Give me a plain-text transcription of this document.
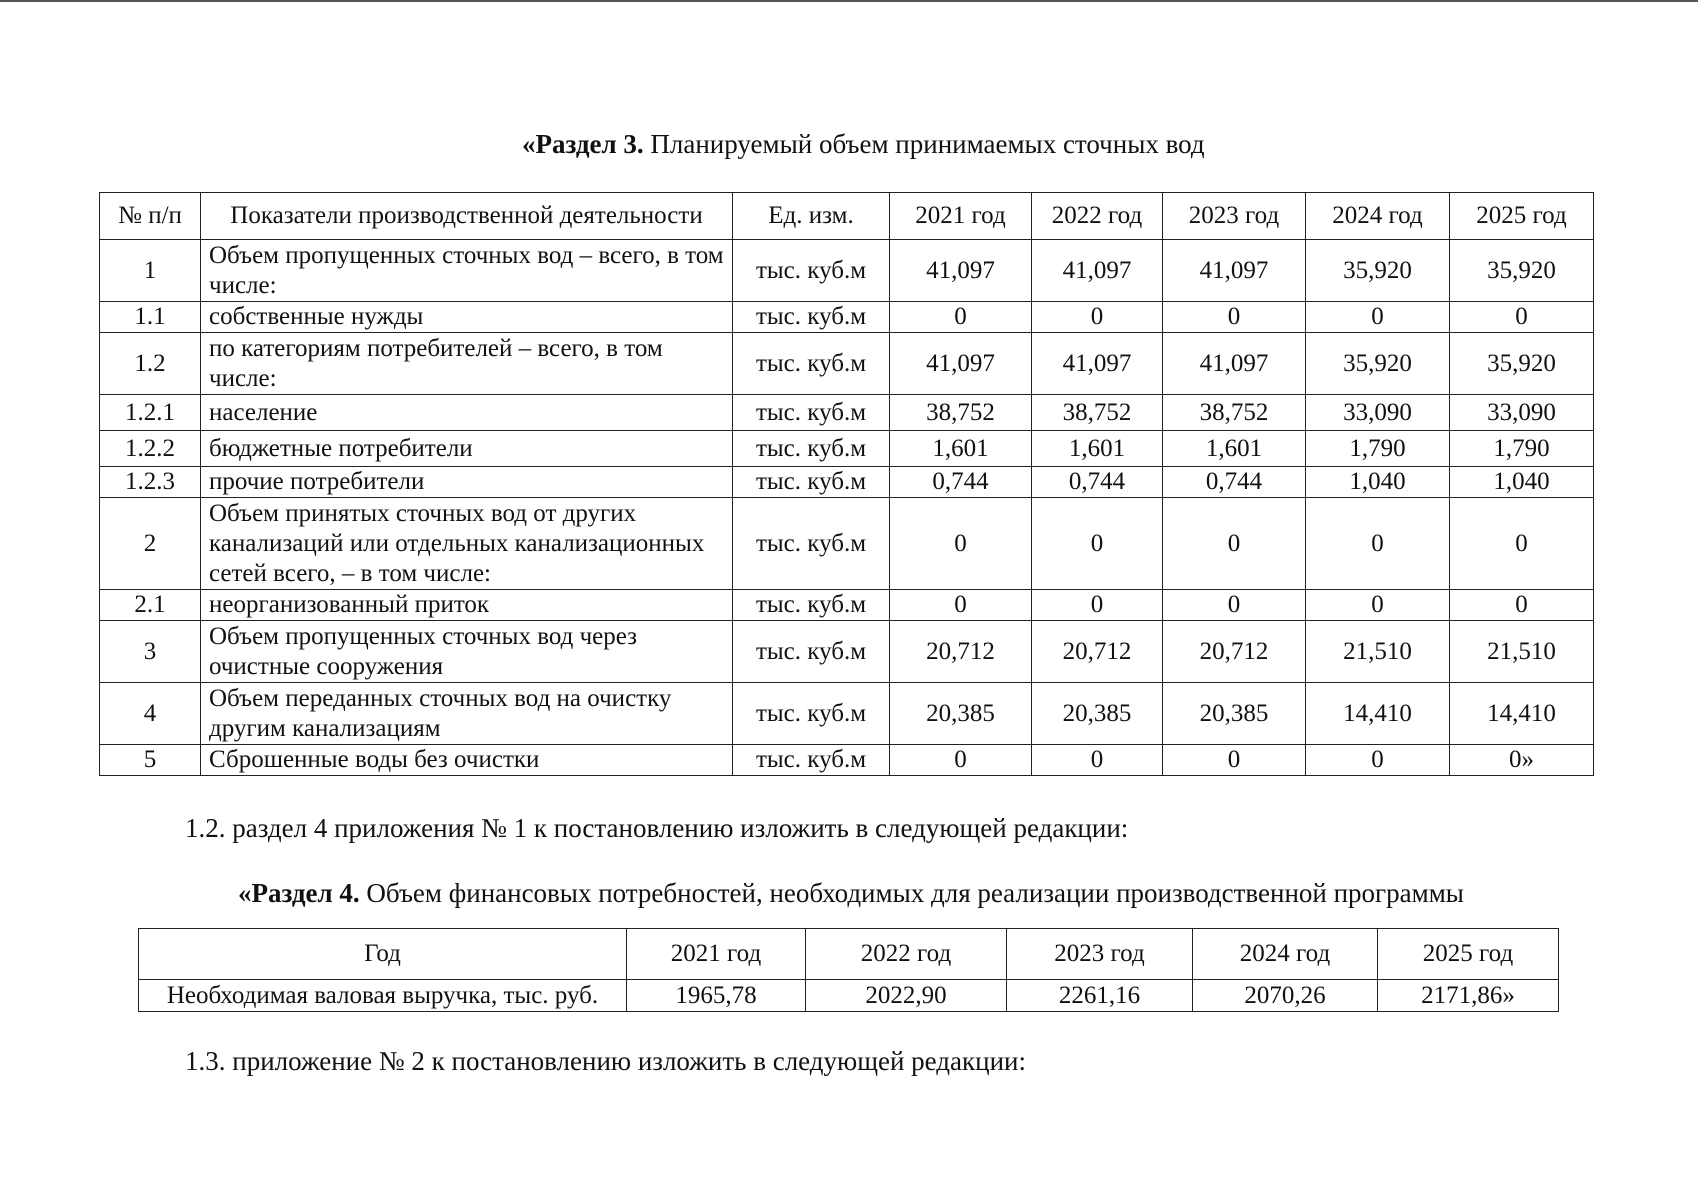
«Раздел 3. Планируемый объем принимаемых сточных вод
№ п/п	Показатели производственной деятельности	Ед. изм.	2021 год	2022 год	2023 год	2024 год	2025 год
1	Объем пропущенных сточных вод – всего, в том числе:	тыс. куб.м	41,097	41,097	41,097	35,920	35,920
1.1	собственные нужды	тыс. куб.м	0	0	0	0	0
1.2	по категориям потребителей – всего, в том числе:	тыс. куб.м	41,097	41,097	41,097	35,920	35,920
1.2.1	население	тыс. куб.м	38,752	38,752	38,752	33,090	33,090
1.2.2	бюджетные потребители	тыс. куб.м	1,601	1,601	1,601	1,790	1,790
1.2.3	прочие потребители	тыс. куб.м	0,744	0,744	0,744	1,040	1,040
2	Объем принятых сточных вод от других канализаций или отдельных канализационных сетей всего, – в том числе:	тыс. куб.м	0	0	0	0	0
2.1	неорганизованный приток	тыс. куб.м	0	0	0	0	0
3	Объем пропущенных сточных вод через очистные сооружения	тыс. куб.м	20,712	20,712	20,712	21,510	21,510
4	Объем переданных сточных вод на очистку другим канализациям	тыс. куб.м	20,385	20,385	20,385	14,410	14,410
5	Сброшенные воды без очистки	тыс. куб.м	0	0	0	0	0»
1.2. раздел 4 приложения № 1 к постановлению изложить в следующей редакции:
«Раздел 4. Объем финансовых потребностей, необходимых для реализации производственной программы
Год	2021 год	2022 год	2023 год	2024 год	2025 год
Необходимая валовая выручка, тыс. руб.	1965,78	2022,90	2261,16	2070,26	2171,86»
1.3. приложение № 2 к постановлению изложить в следующей редакции:
